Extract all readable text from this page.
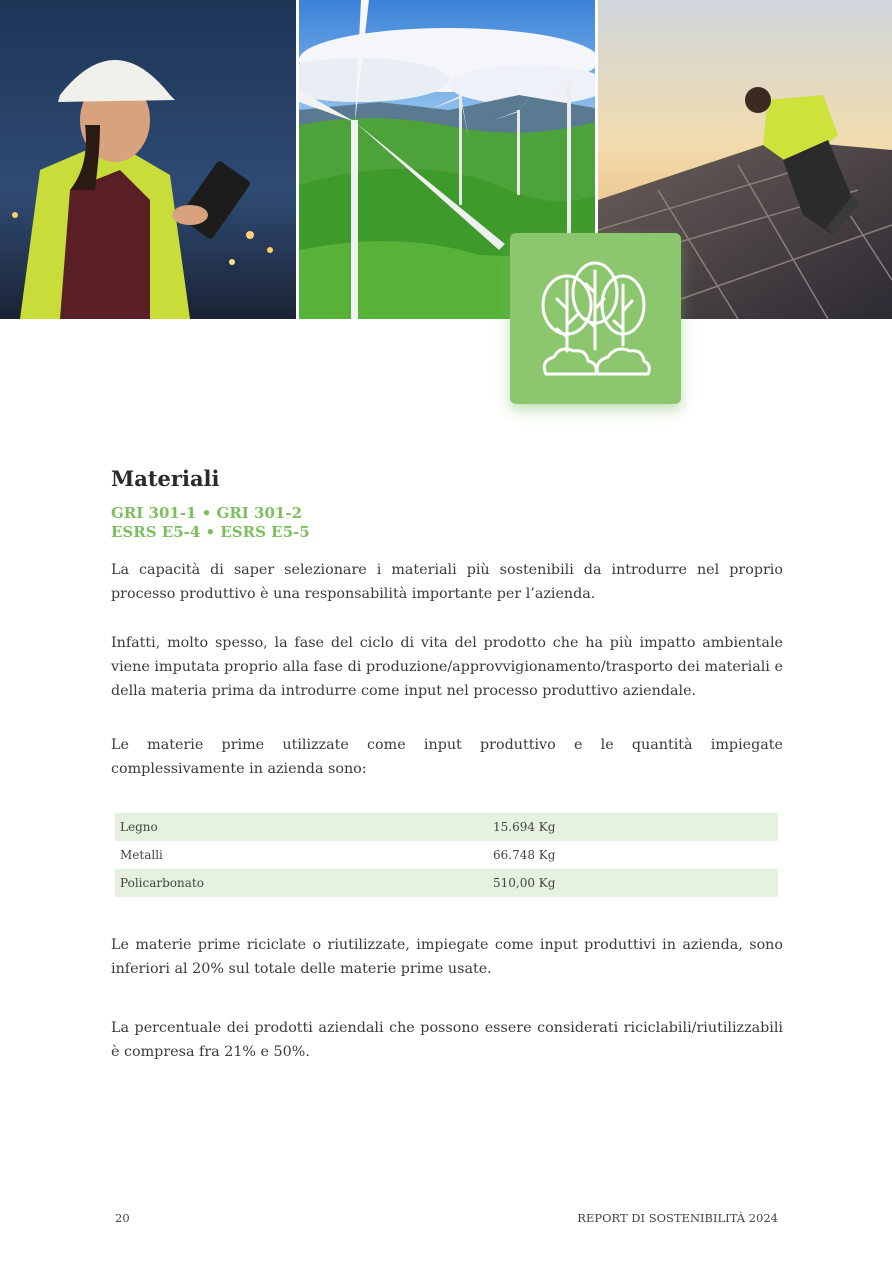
Materiali
GRI 301-1 • GRI 301-2
ESRS E5-4 • ESRS E5-5

La capacità di saper selezionare i materiali più sostenibili da introdurre nel proprio processo produttivo è una responsabilità importante per l’azienda.

Infatti, molto spesso, la fase del ciclo di vita del prodotto che ha più impatto ambientale viene imputata proprio alla fase di produzione/approvvigionamento/trasporto dei materiali e della materia prima da introdurre come input nel processo produttivo aziendale.

Le materie prime utilizzate come input produttivo e le quantità impiegate complessivamente in azienda sono:

Legno	15.694 Kg
Metalli	66.748 Kg
Policarbonato	510,00 Kg

Le materie prime riciclate o riutilizzate, impiegate come input produttivi in azienda, sono inferiori al 20% sul totale delle materie prime usate.

La percentuale dei prodotti aziendali che possono essere considerati riciclabili/riutilizzabili è compresa fra 21% e 50%.

20	REPORT DI SOSTENIBILITÀ 2024
